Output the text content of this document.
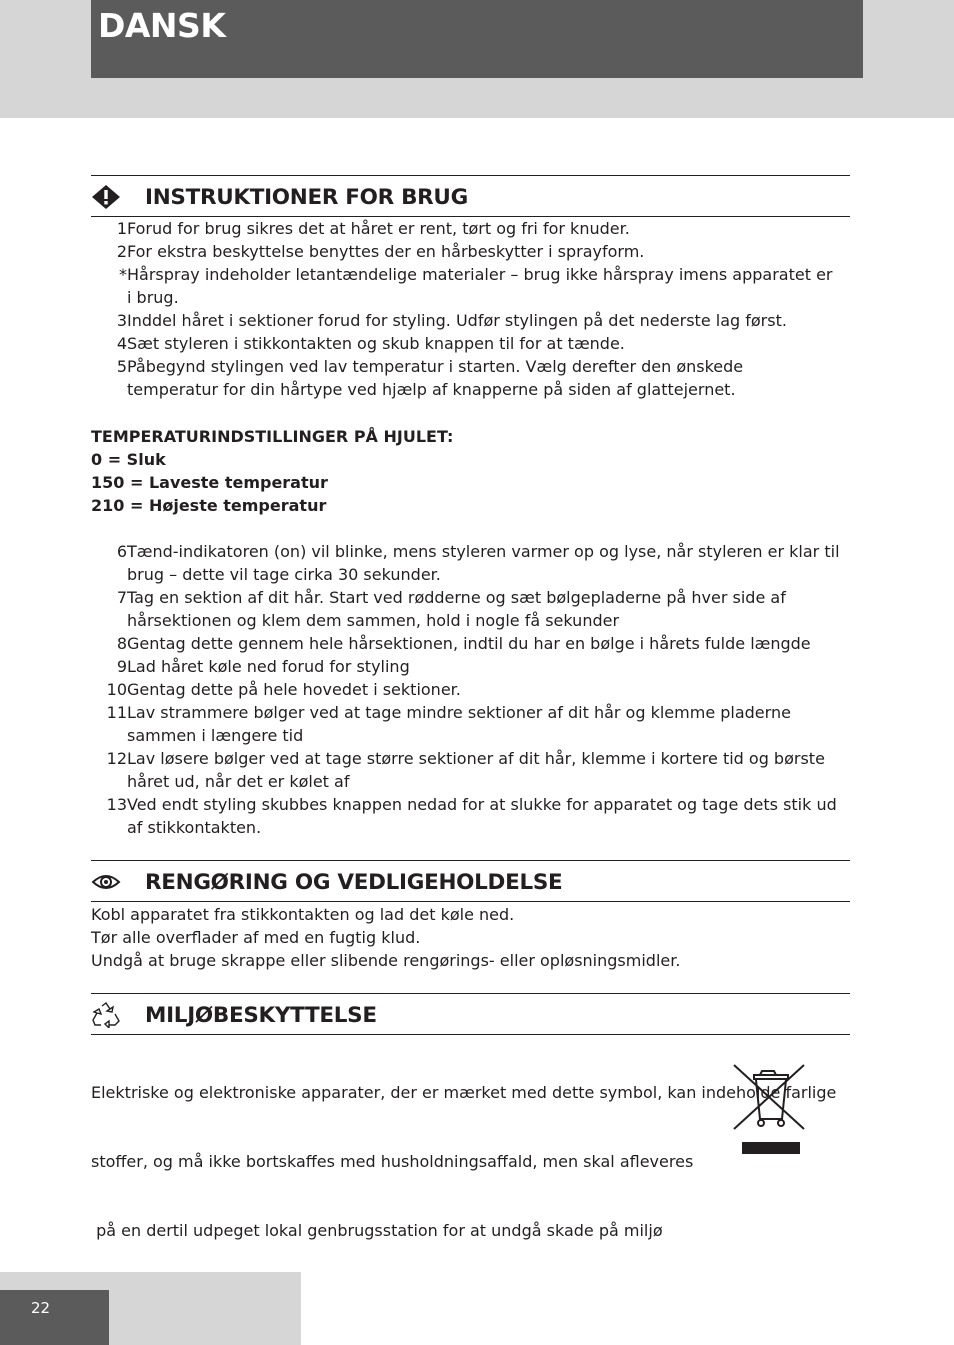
DANSK
INSTRUKTIONER FOR BRUG
1 Forud for brug sikres det at håret er rent, tørt og fri for knuder.
2 For ekstra beskyttelse benyttes der en hårbeskytter i sprayform.
* Hårspray indeholder letantændelige materialer – brug ikke hårspray imens apparatet er
i brug.
3 Inddel håret i sektioner forud for styling. Udfør stylingen på det nederste lag først.
4 Sæt styleren i stikkontakten og skub knappen til for at tænde.
5 Påbegynd stylingen ved lav temperatur i starten. Vælg derefter den ønskede
temperatur for din hårtype ved hjælp af knapperne på siden af glattejernet.
TEMPERATURINDSTILLINGER PÅ HJULET:
0 = Sluk
150 = Laveste temperatur
210 = Højeste temperatur
6 Tænd-indikatoren (on) vil blinke, mens styleren varmer op og lyse, når styleren er klar til
brug – dette vil tage cirka 30 sekunder.
7 Tag en sektion af dit hår. Start ved rødderne og sæt bølgepladerne på hver side af
hårsektionen og klem dem sammen, hold i nogle få sekunder
8 Gentag dette gennem hele hårsektionen, indtil du har en bølge i hårets fulde længde
9 Lad håret køle ned forud for styling
10 Gentag dette på hele hovedet i sektioner.
11 Lav strammere bølger ved at tage mindre sektioner af dit hår og klemme pladerne
sammen i længere tid
12 Lav løsere bølger ved at tage større sektioner af dit hår, klemme i kortere tid og børste
håret ud, når det er kølet af
13 Ved endt styling skubbes knappen nedad for at slukke for apparatet og tage dets stik ud
af stikkontakten.
RENGØRING OG VEDLIGEHOLDELSE
Kobl apparatet fra stikkontakten og lad det køle ned.
Tør alle overflader af med en fugtig klud.
Undgå at bruge skrappe eller slibende rengørings- eller opløsningsmidler.
MILJØBESKYTTELSE

Elektriske og elektroniske apparater, der er mærket med dette symbol, kan indeholde farlige

stoffer, og må ikke bortskaffes med husholdningsaffald, men skal afleveres

på en dertil udpeget lokal genbrugsstation for at undgå skade på miljø

22
